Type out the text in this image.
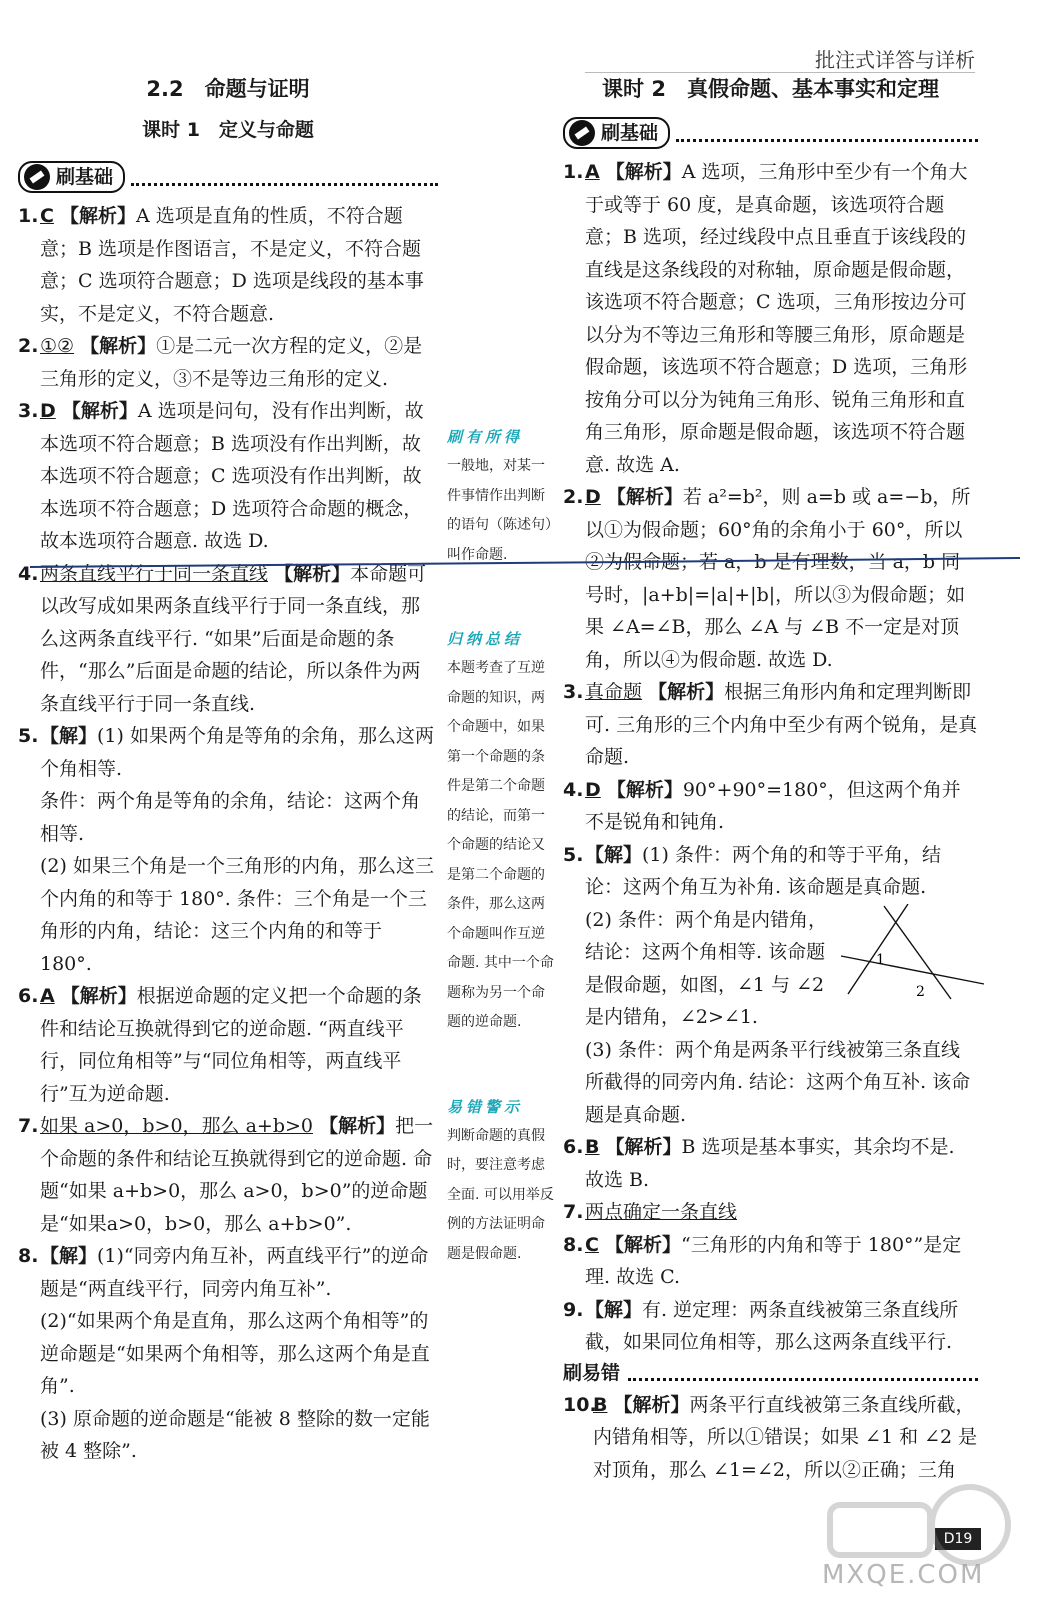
批注式详答与详析
2.2　命题与证明
课时 1　定义与命题
刷基础
1. C 【解析】A 选项是直角的性质，不符合题意；B 选项是作图语言，不是定义，不符合题意；C 选项符合题意；D 选项是线段的基本事实，不是定义，不符合题意.
2. ①② 【解析】①是二元一次方程的定义，②是三角形的定义，③不是等边三角形的定义.
3. D 【解析】A 选项是问句，没有作出判断，故本选项不符合题意；B 选项没有作出判断，故本选项不符合题意；C 选项没有作出判断，故本选项不符合题意；D 选项符合命题的概念，故本选项符合题意. 故选 D.
4. 两条直线平行于同一条直线 【解析】本命题可以改写成如果两条直线平行于同一条直线，那么这两条直线平行. “如果”后面是命题的条件，“那么”后面是命题的结论，所以条件为两条直线平行于同一条直线.
5. 【解】(1) 如果两个角是等角的余角，那么这两个角相等.
条件：两个角是等角的余角，结论：这两个角相等.
(2) 如果三个角是一个三角形的内角，那么这三个内角的和等于 180°. 条件：三个角是一个三角形的内角，结论：这三个内角的和等于 180°.
6. A 【解析】根据逆命题的定义把一个命题的条件和结论互换就得到它的逆命题. “两直线平行，同位角相等”与“同位角相等，两直线平行”互为逆命题.
7. 如果 a>0，b>0，那么 a+b>0 【解析】把一个命题的条件和结论互换就得到它的逆命题. 命题“如果 a+b>0，那么 a>0，b>0”的逆命题是“如果a>0，b>0，那么 a+b>0”.
8. 【解】(1)“同旁内角互补，两直线平行”的逆命题是“两直线平行，同旁内角互补”.
(2)“如果两个角是直角，那么这两个角相等”的逆命题是“如果两个角相等，那么这两个角是直角”.
(3) 原命题的逆命题是“能被 8 整除的数一定能被 4 整除”.
刷有所得
一般地，对某一件事情作出判断的语句（陈述句）叫作命题.
归纳总结
本题考查了互逆命题的知识，两个命题中，如果第一个命题的条件是第二个命题的结论，而第一个命题的结论又是第二个命题的条件，那么这两个命题叫作互逆命题. 其中一个命题称为另一个命题的逆命题.
易错警示
判断命题的真假时，要注意考虑全面. 可以用举反例的方法证明命题是假命题.
课时 2　真假命题、基本事实和定理
刷基础
1. A 【解析】A 选项，三角形中至少有一个角大于或等于 60 度，是真命题，该选项符合题意；B 选项，经过线段中点且垂直于该线段的直线是这条线段的对称轴，原命题是假命题，该选项不符合题意；C 选项，三角形按边分可以分为不等边三角形和等腰三角形，原命题是假命题，该选项不符合题意；D 选项，三角形按角分可以分为钝角三角形、锐角三角形和直角三角形，原命题是假命题，该选项不符合题意. 故选 A.
2. D 【解析】若 a²=b²，则 a=b 或 a=−b，所以①为假命题；60°角的余角小于 60°，所以②为假命题；若 a，b 是有理数，当 a，b 同号时，|a+b|=|a|+|b|，所以③为假命题；如果 ∠A=∠B，那么 ∠A 与 ∠B 不一定是对顶角，所以④为假命题. 故选 D.
3. 真命题 【解析】根据三角形内角和定理判断即可. 三角形的三个内角中至少有两个锐角，是真命题.
4. D 【解析】90°+90°=180°，但这两个角并不是锐角和钝角.
5. 【解】(1) 条件：两个角的和等于平角，结论：这两个角互为补角. 该命题是真命题.
1
2
(2) 条件：两个角是内错角，结论：这两个角相等. 该命题是假命题，如图，∠1 与 ∠2 是内错角，∠2>∠1.
(3) 条件：两个角是两条平行线被第三条直线所截得的同旁内角. 结论：这两个角互补. 该命题是真命题.
6. B 【解析】B 选项是基本事实，其余均不是. 故选 B.
7. 两点确定一条直线
8. C 【解析】“三角形的内角和等于 180°”是定理. 故选 C.
9. 【解】有. 逆定理：两条直线被第三条直线所截，如果同位角相等，那么这两条直线平行.
刷易错
10.
B 【解析】两条平行直线被第三条直线所截，内错角相等，所以①错误；如果 ∠1 和 ∠2 是对顶角，那么 ∠1=∠2，所以②正确；三角
D19
MXQE.COM
